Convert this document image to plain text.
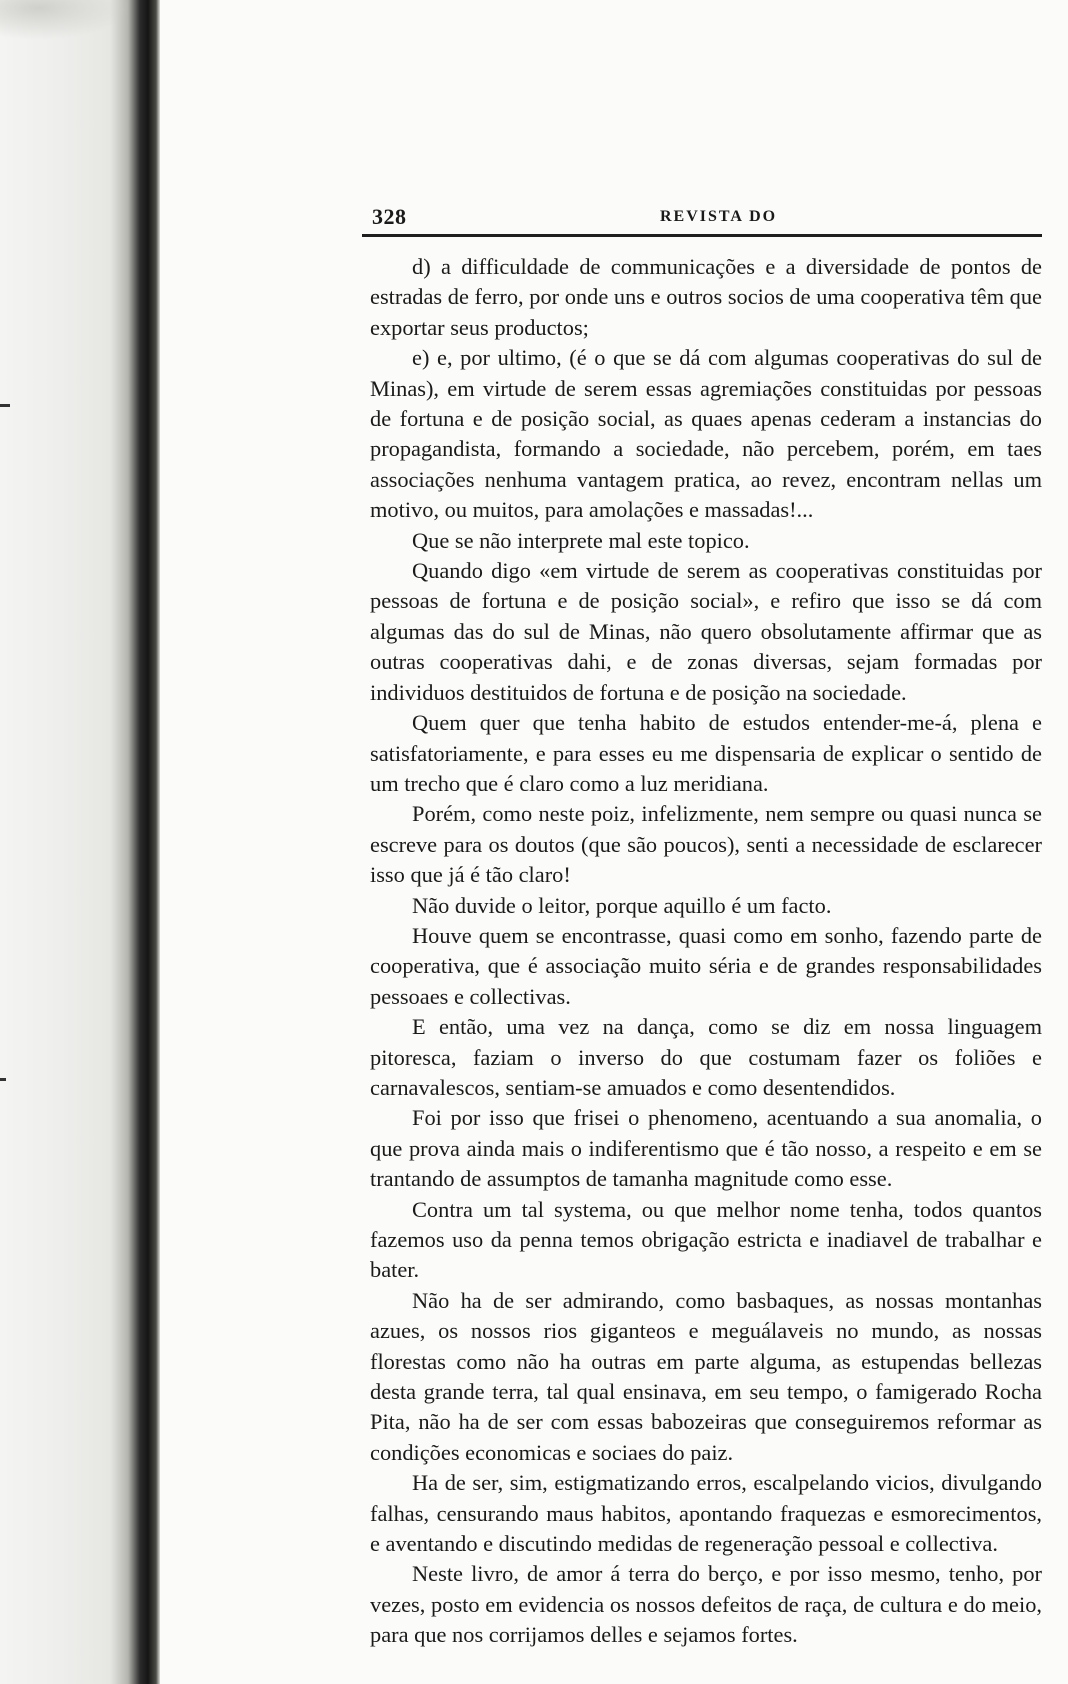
328	REVISTA DO

d) a difficuldade de communicações e a diversidade de pontos de estradas de ferro, por onde uns e outros socios de uma cooperativa têm que exportar seus productos;

e) e, por ultimo, (é o que se dá com algumas cooperativas do sul de Minas), em virtude de serem essas agremiações constituidas por pessoas de fortuna e de posição social, as quaes apenas cederam a instancias do propagandista, formando a sociedade, não percebem, porém, em taes associações nenhuma vantagem pratica, ao revez, encontram nellas um motivo, ou muitos, para amolações e massadas!...

Que se não interprete mal este topico.

Quando digo «em virtude de serem as cooperativas constituidas por pessoas de fortuna e de posição social», e refiro que isso se dá com algumas das do sul de Minas, não quero obsolutamente affirmar que as outras cooperativas dahi, e de zonas diversas, sejam formadas por individuos destituidos de fortuna e de posição na sociedade.

Quem quer que tenha habito de estudos entender-me-á, plena e satisfatoriamente, e para esses eu me dispensaria de explicar o sentido de um trecho que é claro como a luz meridiana.

Porém, como neste poiz, infelizmente, nem sempre ou quasi nunca se escreve para os doutos (que são poucos), senti a necessidade de esclarecer isso que já é tão claro!

Não duvide o leitor, porque aquillo é um facto.

Houve quem se encontrasse, quasi como em sonho, fazendo parte de cooperativa, que é associação muito séria e de grandes responsabilidades pessoaes e collectivas.

E então, uma vez na dança, como se diz em nossa linguagem pitoresca, faziam o inverso do que costumam fazer os foliões e carnavalescos, sentiam-se amuados e como desentendidos.

Foi por isso que frisei o phenomeno, acentuando a sua anomalia, o que prova ainda mais o indiferentismo que é tão nosso, a respeito e em se trantando de assumptos de tamanha magnitude como esse.

Contra um tal systema, ou que melhor nome tenha, todos quantos fazemos uso da penna temos obrigação estricta e inadiavel de trabalhar e bater.

Não ha de ser admirando, como basbaques, as nossas montanhas azues, os nossos rios giganteos e meguálaveis no mundo, as nossas florestas como não ha outras em parte alguma, as estupendas bellezas desta grande terra, tal qual ensinava, em seu tempo, o famigerado Rocha Pita, não ha de ser com essas babozeiras que conseguiremos reformar as condições economicas e sociaes do paiz.

Ha de ser, sim, estigmatizando erros, escalpelando vicios, divulgando falhas, censurando maus habitos, apontando fraquezas e esmorecimentos, e aventando e discutindo medidas de regeneração pessoal e collectiva.

Neste livro, de amor á terra do berço, e por isso mesmo, tenho, por vezes, posto em evidencia os nossos defeitos de raça, de cultura e do meio, para que nos corrijamos delles e sejamos fortes.
